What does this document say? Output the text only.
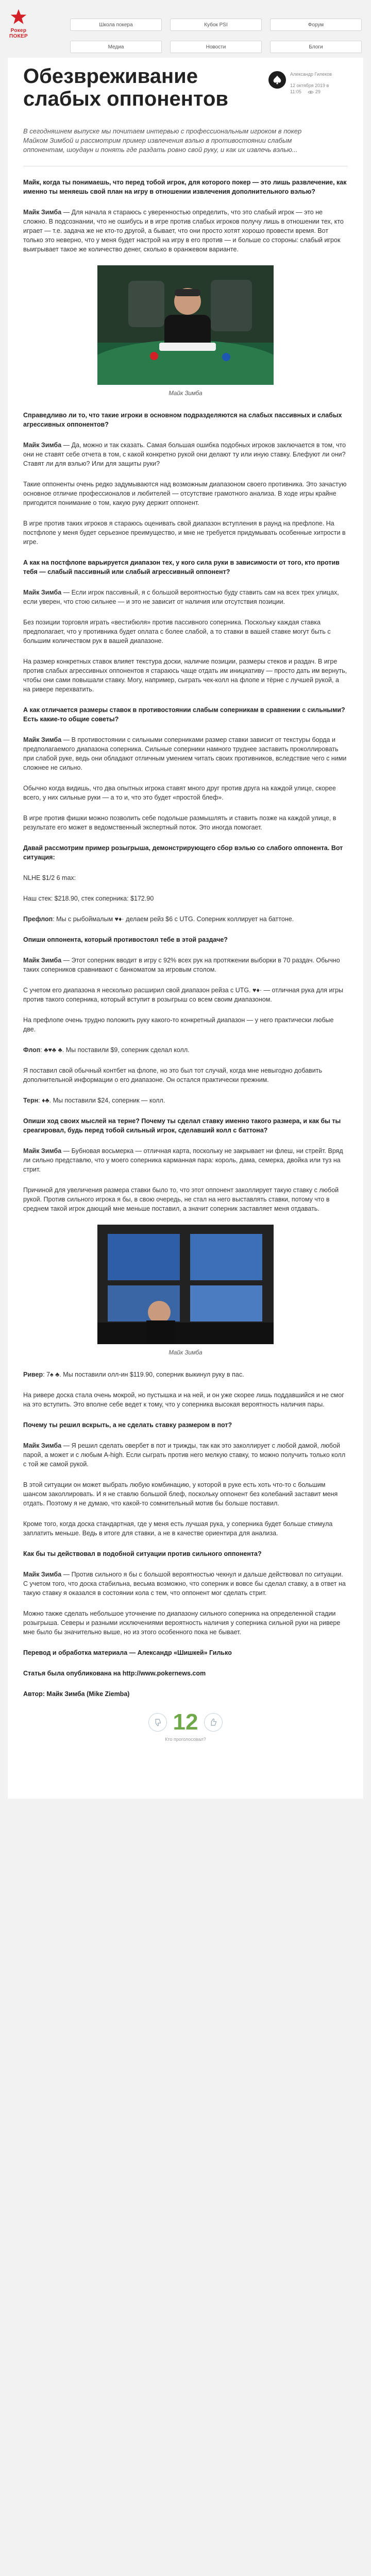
Рокер
ПОКЕР
Школа покера	Кубок PSI	Форум
Медиа	Новости	Блоги
Обезвреживание слабых оппонентов
Александр Гилеков
12 октября 2019 в 11:05	29

В сегодняшнем выпуске мы почитаем интервью с профессиональным игроком в покер Майком Зимбой и рассмотрим пример извлечения вэлью в противостоянии слабым оппонентам, шоудаун и понять где раздать ровно свой руку, и как их извлечь вэлью...

Майк, когда ты понимаешь, что перед тобой игрок, для которого покер — это лишь развлечение, как именно ты меняешь свой план на игру в отношении извлечения дополнительного вэлью?

Майк Зимба — Для начала я стараюсь с уверенностью определить, что это слабый игрок — это не сложно. В подсознании, что не ошибусь и в игре против слабых игроков получу лишь в отношении тех, кто играет — т.е. задача же не кто-то другой, а бывает, что они просто хотят хорошо провести время. Вот только это неверно, что у меня будет настрой на игру в его против — и больше со стороны: слабый игрок выигрывает такое же количество денег, сколько в оранжевом варианте.

Майк Зимба

Справедливо ли то, что такие игроки в основном подразделяются на слабых пассивных и слабых агрессивных оппонентов?

Майк Зимба — Да, можно и так сказать. Самая большая ошибка подобных игроков заключается в том, что они не ставят себе отчета в том, с какой конкретно рукой они делают ту или иную ставку. Блефуют ли они? Ставят ли для вэлью? Или для защиты руки?

Такие оппоненты очень редко задумываются над возможным диапазоном своего противника. Это зачастую основное отличие профессионалов и любителей — отсутствие грамотного анализа. В ходе игры крайне пригодится понимание о том, какую руку держит оппонент.

В игре против таких игроков я стараюсь оценивать свой диапазон вступления в раунд на префлопе. На постфлопе у меня будет серьезное преимущество, и мне не требуется придумывать особенные хитрости в игре.

А как на постфлопе варьируется диапазон тех, у кого сила руки в зависимости от того, кто против тебя — слабый пассивный или слабый агрессивный оппонент?

Майк Зимба — Если игрок пассивный, я с большой вероятностью буду ставить сам на всех трех улицах, если уверен, что стою сильнее — и это не зависит от наличия или отсутствия позиции.

Без позиции торговля играть «вестибюля» против пассивного соперника. Поскольку каждая ставка предполагает, что у противника будет оплата с более слабой, а то ставки в вашей ставке могут быть с большим количеством рук в вашей диапазоне.

На размер конкретных ставок влияет текстура доски, наличие позиции, размеры стеков и раздач. В игре против слабых агрессивных оппонентов я стараюсь чаще отдать им инициативу — просто дать им вернуть, чтобы они сами повышали ставку. Могу, например, сыграть чек-колл на флопе и тёрне с лучшей рукой, а на ривере перехватить.

А как отличается размеры ставок в противостоянии слабым соперникам в сравнении с сильными? Есть какие-то общие советы?

Майк Зимба — В противостоянии с сильными соперниками размер ставки зависит от текстуры борда и предполагаемого диапазона соперника. Сильные соперники намного труднее заставить проколлировать при слабой руке, ведь они обладают отличным умением читать своих противников, вследствие чего с ними сложнее не сильно.

Обычно когда видишь, что два опытных игрока ставят много друг против друга на каждой улице, скорее всего, у них сильные руки — а то и, что это будет «простой блеф».

В игре против фишки можно позволить себе подольше размышлять и ставить позже на каждой улице, в результате его может в ведомственный экспертный поток. Это иногда помогает.

Давай рассмотрим пример розыгрыша, демонстрирующего сбор вэлью со слабого оппонента. Вот ситуация:

NLHE $1/2 6 max:

Наш стек: $218.90, стек соперника: $172.90

Префлоп: Мы с рыбоймалым ♥♦· делаем рейз $6 с UTG. Соперник коллирует на баттоне.

Опиши оппонента, который противостоял тебе в этой раздаче?

Майк Зимба — Этот соперник вводит в игру с 92% всех рук на протяжении выборки в 70 раздач. Обычно таких соперников сравнивают с банкоматом за игровым столом.

С учетом его диапазона я несколько расширил свой диапазон рейза с UTG. ♥♦· — отличная рука для игры против такого соперника, который вступит в розыгрыш со всем своим диапазоном.

На префлопе очень трудно положить руку какого-то конкретный диапазон — у него практически любые две.

Флоп: ♣♥♣ ♣. Мы поставили $9, соперник сделал колл.

Я поставил свой обычный контбет на флопе, но это был тот случай, когда мне невыгодно добавить дополнительной информации о его диапазоне. Он остался практически прежним.

Терн: ♦♣. Мы поставили $24, соперник — колл.

Опиши ход своих мыслей на терне? Почему ты сделал ставку именно такого размера, и как бы ты среагировал, будь перед тобой сильный игрок, сделавший колл с баттона?

Майк Зимба — Бубновая восьмерка — отличная карта, поскольку не закрывает ни флеш, ни стрейт. Вряд ли сильно представлю, что у моего соперника карманная пара: король, дама, семерка, двойка или туз на стрит.

Причиной для увеличения размера ставки было то, что этот оппонент заколлирует такую ставку с любой рукой. Против сильного игрока я бы, в свою очередь, не стал на него выставлять ставки, потому что в среднем такой игрок дающий мне меньше поставил, а значит соперник заставляет меня отдавать.

Майк Зимба

Ривер: 7♠ ♣. Мы поставили олл-ин $119.90, соперник выкинул руку в пас.

На ривере доска стала очень мокрой, но пустышка и на ней, и он уже скорее лишь поддавшийся и не смог на это вступить. Это вполне себе ведет к тому, что у соперника высокая вероятность наличия пары.

Почему ты решил вскрыть, а не сделать ставку размером в пот?

Майк Зимба — Я решил сделать овербет в пот и трижды, так как это заколлирует с любой дамой, любой парой, а может и с любым A-high. Если сыграть против него мелкую ставку, то можно получить только колл с той же самой рукой.

В этой ситуации он может выбрать любую комбинацию, у которой в руке есть хоть что-то с большим шансом заколлировать. И я не ставлю большой блеф, поскольку оппонент без колебаний заставит меня отдать. Поэтому я не думаю, что какой-то сомнительный мотив бы больше поставил.

Кроме того, когда доска стандартная, где у меня есть лучшая рука, у соперника будет больше стимула заплатить меньше. Ведь в итоге для ставки, а не в качестве ориентира для анализа.

Как бы ты действовал в подобной ситуации против сильного оппонента?

Майк Зимба — Против сильного я бы с большой вероятностью чекнул и дальше действовал по ситуации. С учетом того, что доска стабильна, весьма возможно, что соперник и вовсе бы сделал ставку, а в ответ на такую ставку я оказался в состоянии кола с тем, что оппонент мог сделать стрит.

Можно также сделать небольшое уточнение по диапазону сильного соперника на определенной стадии розыгрыша. Северы и разными исключениями вероятность наличия у соперника сильной руки на ривере мне было бы значительно выше, но из этого особенного пока не бывает.

Перевод и обработка материала — Александр «Шишкей» Гилько

Статья была опубликована на http://www.pokernews.com

Автор: Майк Зимба (Mike Ziemba)

12
Кто проголосовал?
